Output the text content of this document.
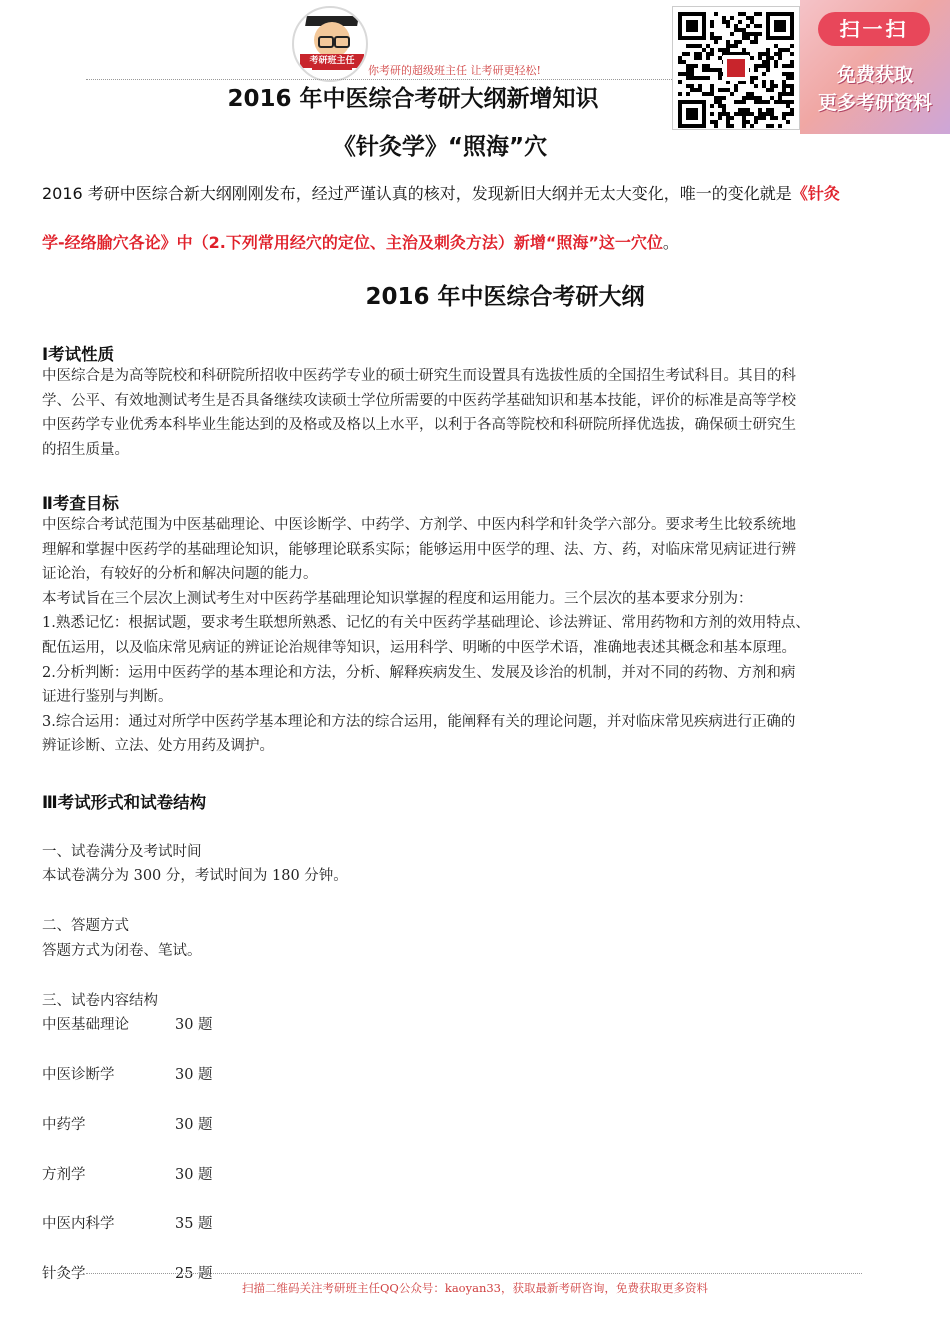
考研班主任
你考研的超级班主任 让考研更轻松!
扫一扫
免费获取
更多考研资料
2016 年中医综合考研大纲新增知识
《针灸学》“照海”穴
2016 考研中医综合新大纲刚刚发布，经过严谨认真的核对，发现新旧大纲并无太大变化，唯一的变化就是《针灸
学-经络腧穴各论》中（2.下列常用经穴的定位、主治及刺灸方法）新增“照海”这一穴位。
2016 年中医综合考研大纲
Ⅰ考试性质
中医综合是为高等院校和科研院所招收中医药学专业的硕士研究生而设置具有选拔性质的全国招生考试科目。其目的科
学、公平、有效地测试考生是否具备继续攻读硕士学位所需要的中医药学基础知识和基本技能，评价的标准是高等学校
中医药学专业优秀本科毕业生能达到的及格或及格以上水平，以利于各高等院校和科研院所择优选拔，确保硕士研究生
的招生质量。
Ⅱ考查目标
中医综合考试范围为中医基础理论、中医诊断学、中药学、方剂学、中医内科学和针灸学六部分。要求考生比较系统地
理解和掌握中医药学的基础理论知识，能够理论联系实际；能够运用中医学的理、法、方、药，对临床常见病证进行辨
证论治，有较好的分析和解决问题的能力。
本考试旨在三个层次上测试考生对中医药学基础理论知识掌握的程度和运用能力。三个层次的基本要求分别为：
1.熟悉记忆：根据试题，要求考生联想所熟悉、记忆的有关中医药学基础理论、诊法辨证、常用药物和方剂的效用特点、
配伍运用，以及临床常见病证的辨证论治规律等知识，运用科学、明晰的中医学术语，准确地表述其概念和基本原理。
2.分析判断：运用中医药学的基本理论和方法，分析、解释疾病发生、发展及诊治的机制，并对不同的药物、方剂和病
证进行鉴别与判断。
3.综合运用：通过对所学中医药学基本理论和方法的综合运用，能阐释有关的理论问题，并对临床常见疾病进行正确的
辨证诊断、立法、处方用药及调护。
Ⅲ考试形式和试卷结构
一、试卷满分及考试时间
本试卷满分为 300 分，考试时间为 180 分钟。
二、答题方式
答题方式为闭卷、笔试。
三、试卷内容结构
中医基础理论	30 题
中医诊断学	30 题
中药学	30 题
方剂学	30 题
中医内科学	35 题
针灸学	25 题
扫描二维码关注考研班主任QQ公众号：kaoyan33，获取最新考研咨询，免费获取更多资料
